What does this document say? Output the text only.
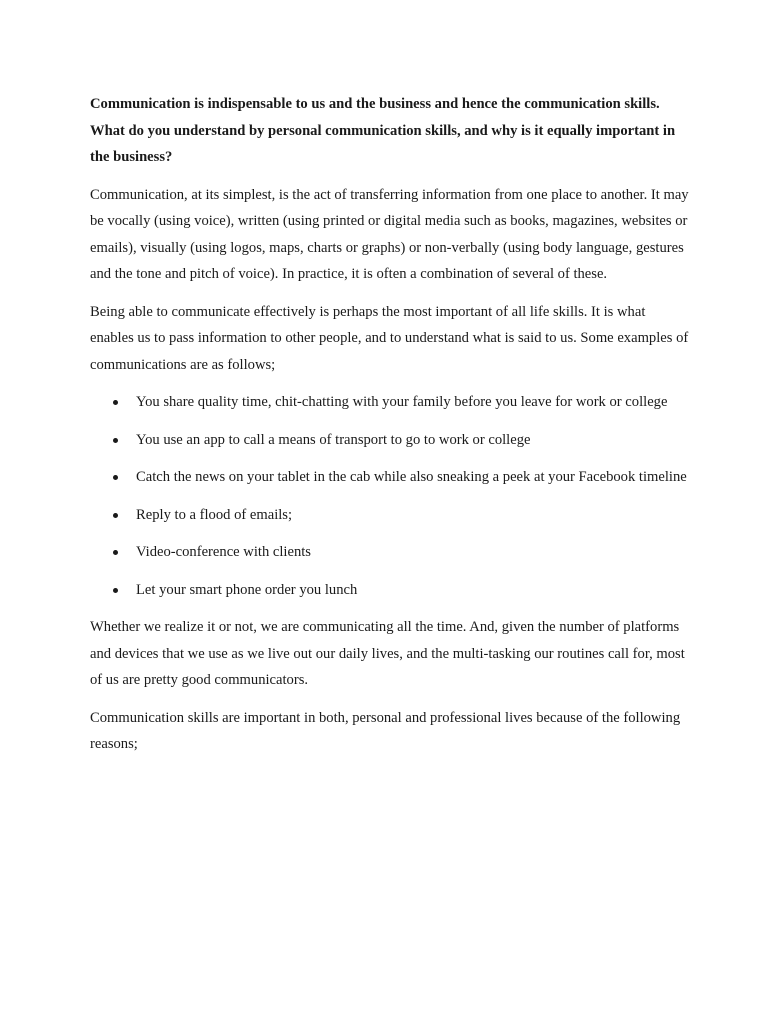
Communication is indispensable to us and the business and hence the communication skills. What do you understand by personal communication skills, and why is it equally important in the business?

Communication, at its simplest, is the act of transferring information from one place to another. It may be vocally (using voice), written (using printed or digital media such as books, magazines, websites or emails), visually (using logos, maps, charts or graphs) or non-verbally (using body language, gestures and the tone and pitch of voice). In practice, it is often a combination of several of these.

Being able to communicate effectively is perhaps the most important of all life skills. It is what enables us to pass information to other people, and to understand what is said to us. Some examples of communications are as follows;

You share quality time, chit-chatting with your family before you leave for work or college
You use an app to call a means of transport to go to work or college
Catch the news on your tablet in the cab while also sneaking a peek at your Facebook timeline
Reply to a flood of emails;
Video-conference with clients
Let your smart phone order you lunch

Whether we realize it or not, we are communicating all the time. And, given the number of platforms and devices that we use as we live out our daily lives, and the multi-tasking our routines call for, most of us are pretty good communicators.

Communication skills are important in both, personal and professional lives because of the following reasons;
